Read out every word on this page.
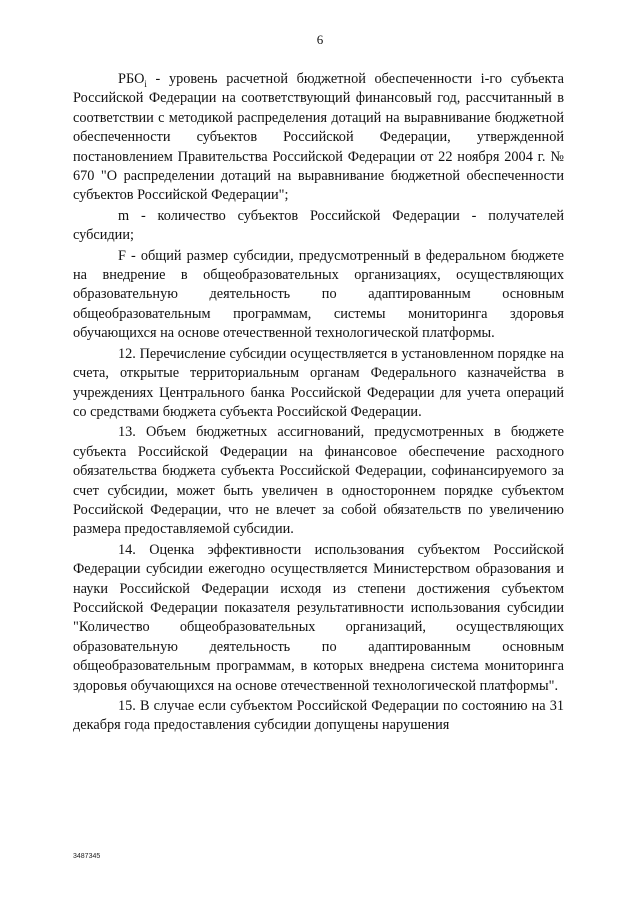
6

$РБО_i$ - уровень расчетной бюджетной обеспеченности i-го субъекта Российской Федерации на соответствующий финансовый год, рассчитанный в соответствии с методикой распределения дотаций на выравнивание бюджетной обеспеченности субъектов Российской Федерации, утвержденной постановлением Правительства Российской Федерации от 22 ноября 2004 г. № 670 "О распределении дотаций на выравнивание бюджетной обеспеченности субъектов Российской Федерации";

m - количество субъектов Российской Федерации - получателей субсидии;

F - общий размер субсидии, предусмотренный в федеральном бюджете на внедрение в общеобразовательных организациях, осуществляющих образовательную деятельность по адаптированным основным общеобразовательным программам, системы мониторинга здоровья обучающихся на основе отечественной технологической платформы.

12. Перечисление субсидии осуществляется в установленном порядке на счета, открытые территориальным органам Федерального казначейства в учреждениях Центрального банка Российской Федерации для учета операций со средствами бюджета субъекта Российской Федерации.

13. Объем бюджетных ассигнований, предусмотренных в бюджете субъекта Российской Федерации на финансовое обеспечение расходного обязательства бюджета субъекта Российской Федерации, софинансируемого за счет субсидии, может быть увеличен в одностороннем порядке субъектом Российской Федерации, что не влечет за собой обязательств по увеличению размера предоставляемой субсидии.

14. Оценка эффективности использования субъектом Российской Федерации субсидии ежегодно осуществляется Министерством образования и науки Российской Федерации исходя из степени достижения субъектом Российской Федерации показателя результативности использования субсидии "Количество общеобразовательных организаций, осуществляющих образовательную деятельность по адаптированным основным общеобразовательным программам, в которых внедрена система мониторинга здоровья обучающихся на основе отечественной технологической платформы".

15. В случае если субъектом Российской Федерации по состоянию на 31 декабря года предоставления субсидии допущены нарушения

3487345
